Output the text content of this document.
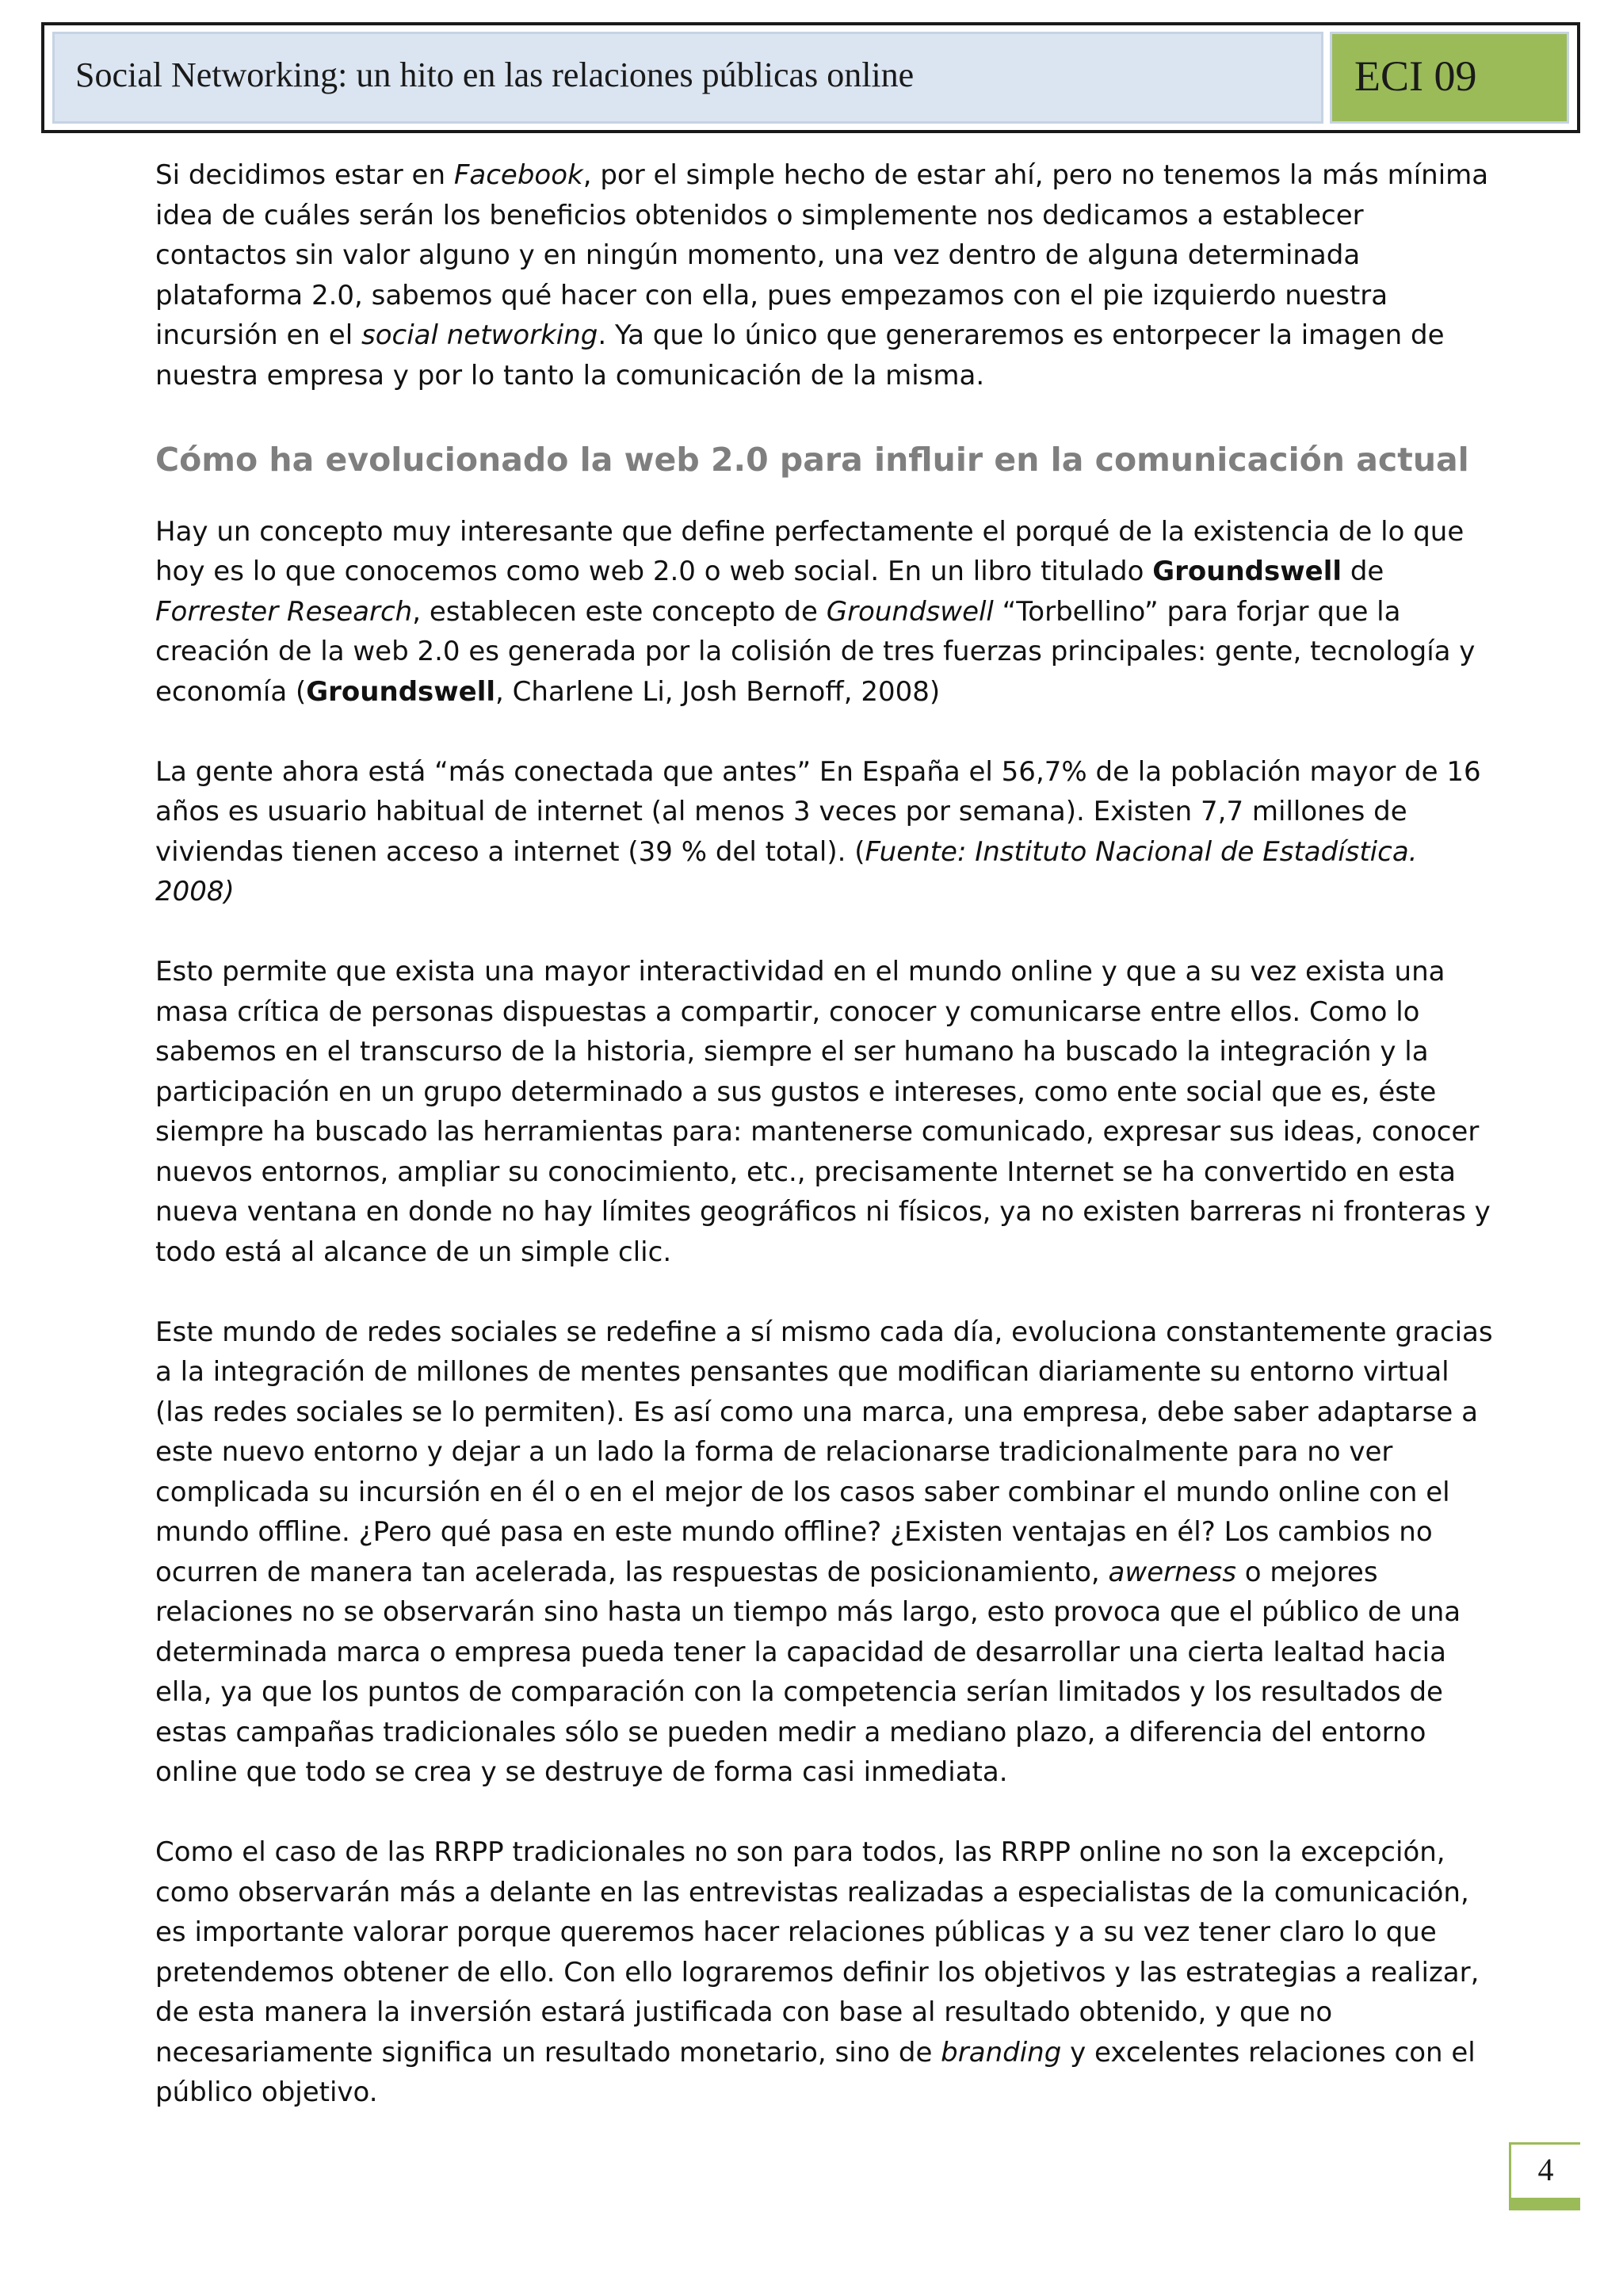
Social Networking: un hito en las relaciones públicas online	ECI 09

Si decidimos estar en Facebook, por el simple hecho de estar ahí, pero no tenemos la más mínima idea de cuáles serán los beneficios obtenidos o simplemente nos dedicamos a establecer contactos sin valor alguno y en ningún momento, una vez dentro de alguna determinada plataforma 2.0, sabemos qué hacer con ella, pues empezamos con el pie izquierdo nuestra incursión en el social networking. Ya que lo único que generaremos es entorpecer la imagen de nuestra empresa y por lo tanto la comunicación de la misma.

Cómo ha evolucionado la web 2.0 para influir en la comunicación actual

Hay un concepto muy interesante que define perfectamente el porqué de la existencia de lo que hoy es lo que conocemos como web 2.0 o web social. En un libro titulado Groundswell de Forrester Research, establecen este concepto de Groundswell “Torbellino” para forjar que la creación de la web 2.0 es generada por la colisión de tres fuerzas principales: gente, tecnología y economía (Groundswell, Charlene Li, Josh Bernoff, 2008)

La gente ahora está “más conectada que antes” En España el 56,7% de la población mayor de 16 años es usuario habitual de internet (al menos 3 veces por semana). Existen 7,7 millones de viviendas tienen acceso a internet (39 % del total). (Fuente: Instituto Nacional de Estadística. 2008)

Esto permite que exista una mayor interactividad en el mundo online y que a su vez exista una masa crítica de personas dispuestas a compartir, conocer y comunicarse entre ellos. Como lo sabemos en el transcurso de la historia, siempre el ser humano ha buscado la integración y la participación en un grupo determinado a sus gustos e intereses, como ente social que es, éste siempre ha buscado las herramientas para: mantenerse comunicado, expresar sus ideas, conocer nuevos entornos, ampliar su conocimiento, etc., precisamente Internet se ha convertido en esta nueva ventana en donde no hay límites geográficos ni físicos, ya no existen barreras ni fronteras y todo está al alcance de un simple clic.

Este mundo de redes sociales se redefine a sí mismo cada día, evoluciona constantemente gracias a la integración de millones de mentes pensantes que modifican diariamente su entorno virtual (las redes sociales se lo permiten). Es así como una marca, una empresa, debe saber adaptarse a este nuevo entorno y dejar a un lado la forma de relacionarse tradicionalmente para no ver complicada su incursión en él o en el mejor de los casos saber combinar el mundo online con el mundo offline. ¿Pero qué pasa en este mundo offline? ¿Existen ventajas en él? Los cambios no ocurren de manera tan acelerada, las respuestas de posicionamiento, awerness o mejores relaciones no se observarán sino hasta un tiempo más largo, esto provoca que el público de una determinada marca o empresa pueda tener la capacidad de desarrollar una cierta lealtad hacia ella, ya que los puntos de comparación con la competencia serían limitados y los resultados de estas campañas tradicionales sólo se pueden medir a mediano plazo, a diferencia del entorno online que todo se crea y se destruye de forma casi inmediata.

Como el caso de las RRPP tradicionales no son para todos, las RRPP online no son la excepción, como observarán más a delante en las entrevistas realizadas a especialistas de la comunicación, es importante valorar porque queremos hacer relaciones públicas y a su vez tener claro lo que pretendemos obtener de ello. Con ello lograremos definir los objetivos y las estrategias a realizar, de esta manera la inversión estará justificada con base al resultado obtenido, y que no necesariamente significa un resultado monetario, sino de branding y excelentes relaciones con el público objetivo.

4
